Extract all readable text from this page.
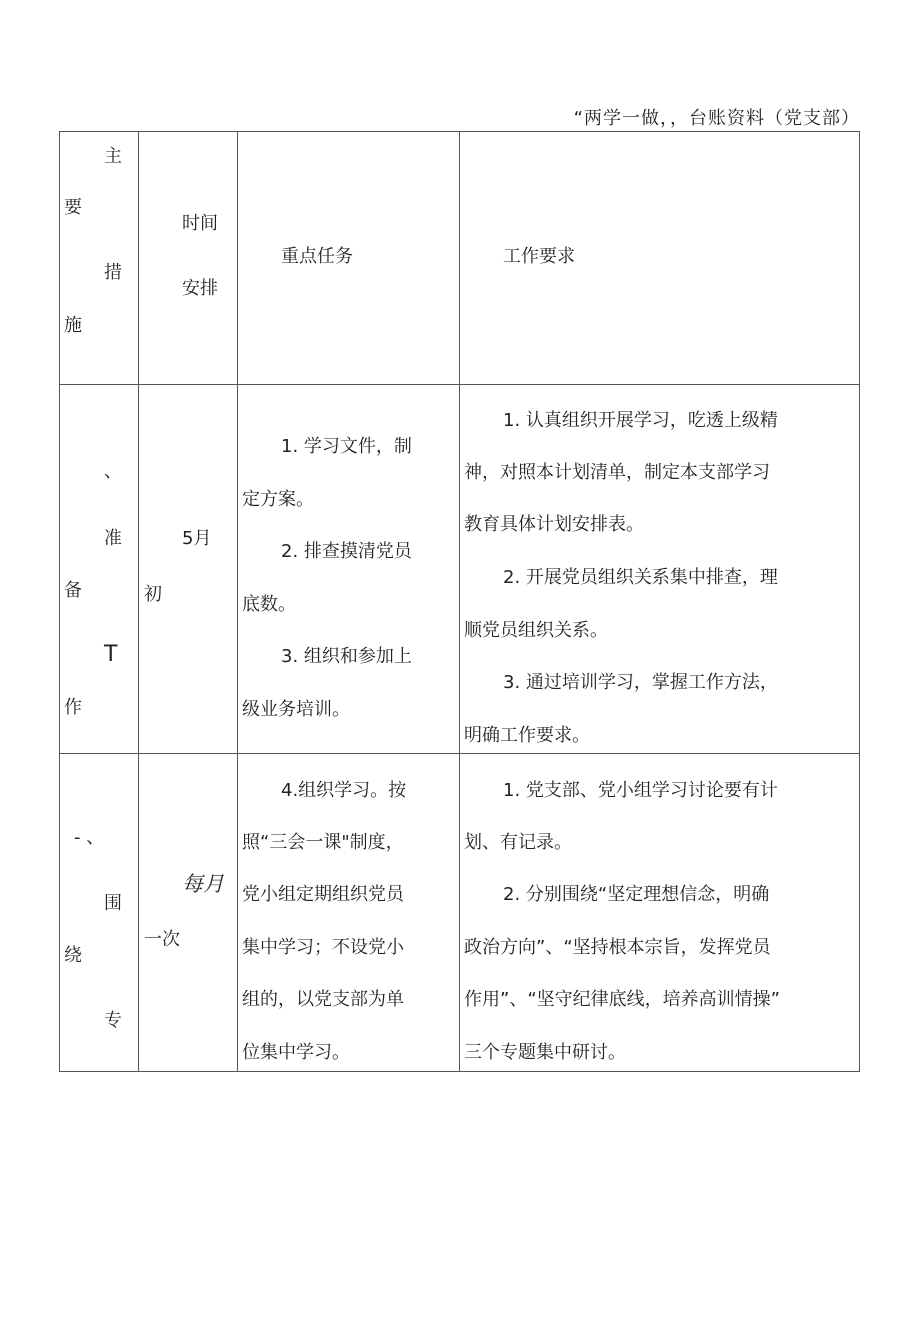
“两学一做，，台账资料（党支部）
主
要
措
施
时间
安排
重点任务	工作要求
、
准
备
T
作
5月
初
1. 学习文件，制
定方案。
2. 排查摸清党员
底数。
3. 组织和参加上
级业务培训。
1. 认真组织开展学习，吃透上级精
神，对照本计划清单，制定本支部学习
教育具体计划安排表。
2. 开展党员组织关系集中排查，理
顺党员组织关系。
3. 通过培训学习，掌握工作方法，
明确工作要求。
- 、
围
绕
专
每月
一次
4.组织学习。按
照“三会一课"制度，
党小组定期组织党员
集中学习；不设党小
组的，以党支部为单
位集中学习。
1. 党支部、党小组学习讨论要有计
划、有记录。
2. 分别围绕“坚定理想信念，明确
政治方向”、“坚持根本宗旨，发挥党员
作用”、“坚守纪律底线，培养高训情操”
三个专题集中研讨。
